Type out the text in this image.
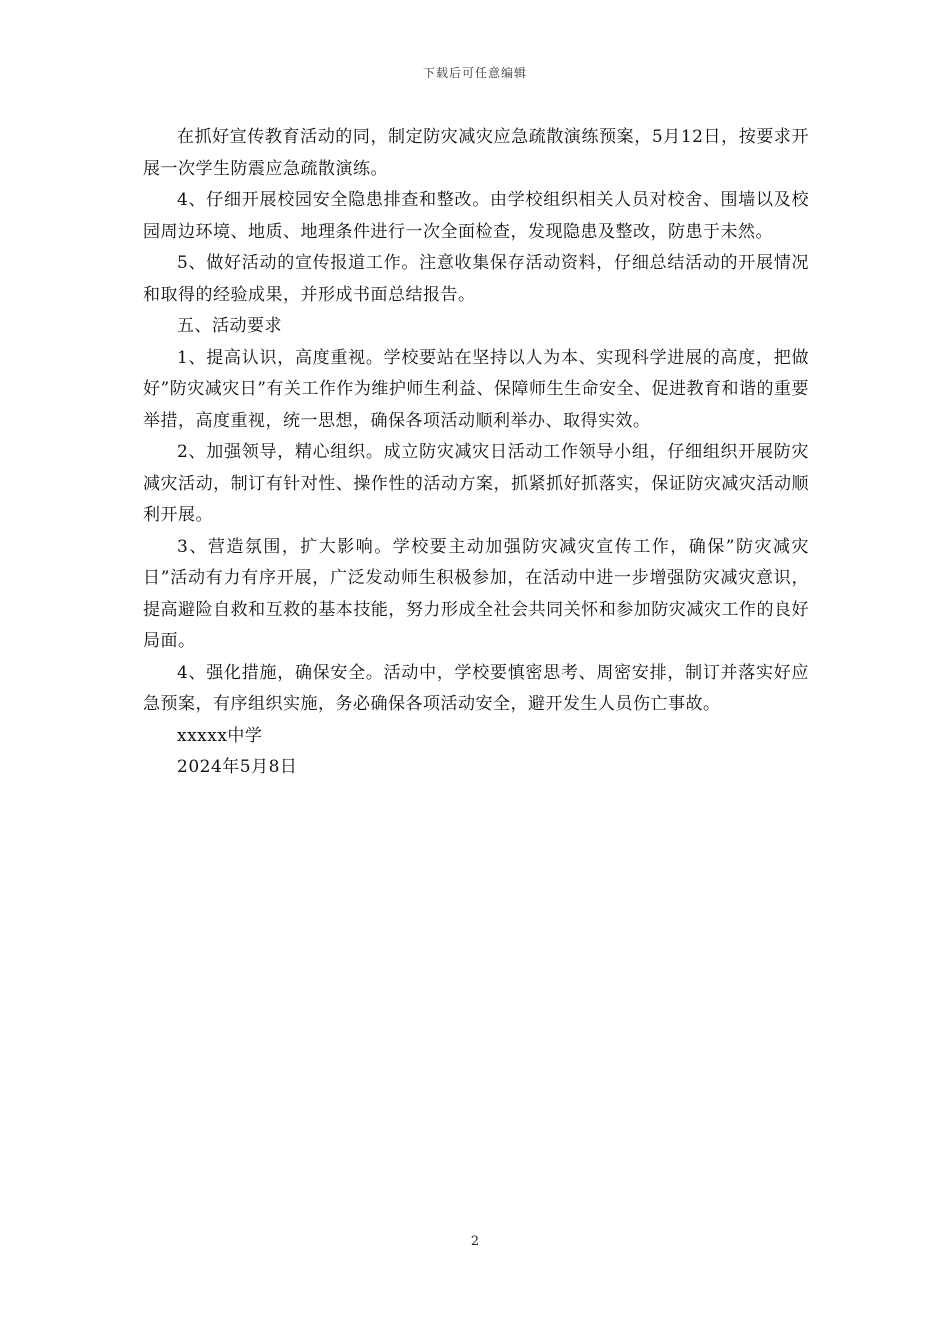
下载后可任意编辑

在抓好宣传教育活动的同，制定防灾减灾应急疏散演练预案，5月12日，按要求开展一次学生防震应急疏散演练。

4、仔细开展校园安全隐患排查和整改。由学校组织相关人员对校舍、围墙以及校园周边环境、地质、地理条件进行一次全面检查，发现隐患及整改，防患于未然。

5、做好活动的宣传报道工作。注意收集保存活动资料，仔细总结活动的开展情况和取得的经验成果，并形成书面总结报告。

五、活动要求

1、提高认识，高度重视。学校要站在坚持以人为本、实现科学进展的高度，把做好”防灾减灾日”有关工作作为维护师生利益、保障师生生命安全、促进教育和谐的重要举措，高度重视，统一思想，确保各项活动顺利举办、取得实效。

2、加强领导，精心组织。成立防灾减灾日活动工作领导小组，仔细组织开展防灾减灾活动，制订有针对性、操作性的活动方案，抓紧抓好抓落实，保证防灾减灾活动顺利开展。

3、营造氛围，扩大影响。学校要主动加强防灾减灾宣传工作，确保”防灾减灾日”活动有力有序开展，广泛发动师生积极参加，在活动中进一步增强防灾减灾意识，提高避险自救和互救的基本技能，努力形成全社会共同关怀和参加防灾减灾工作的良好局面。

4、强化措施，确保安全。活动中，学校要慎密思考、周密安排，制订并落实好应急预案，有序组织实施，务必确保各项活动安全，避开发生人员伤亡事故。

xxxxx中学

2024年5月8日

2
